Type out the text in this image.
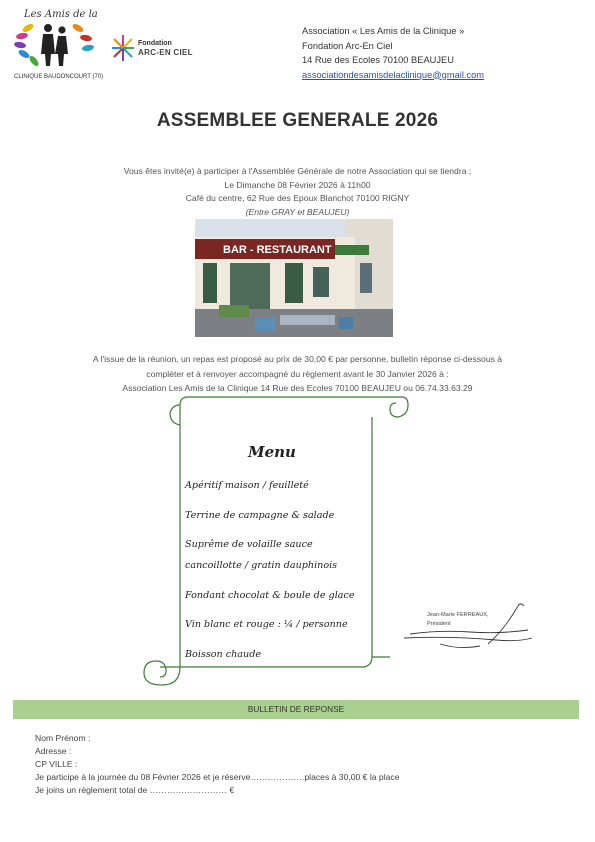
Les Amis de la
CLINIQUE BAUDONCOURT (70)
Fondation
ARC-EN CIEL
Association « Les Amis de la Clinique »
Fondation Arc-En Ciel
14 Rue des Ecoles 70100 BEAUJEU
associationdesamisdelaclinique@gmail.com
ASSEMBLEE GENERALE 2026
Vous êtes invité(e) à participer à l'Assemblée Générale de notre Association qui se tiendra ;
Le Dimanche 08 Février 2026 à 11h00
Café du centre, 62 Rue des Epoux Blanchot 70100 RIGNY
(Entre GRAY et BEAUJEU)
BAR - RESTAURANT
A l'issue de la réunion, un repas est proposé au prix de 30,00 € par personne, bulletin réponse ci-dessous à
compléter et à renvoyer accompagné du règlement avant le 30 Janvier 2026 à :
Association Les Amis de la Clinique 14 Rue des Ecoles 70100 BEAUJEU ou 06.74.33.63.29
Menu
Apéritif maison / feuilleté
Terrine de campagne & salade
Suprême de volaille sauce
cancoillotte / gratin dauphinois
Fondant chocolat & boule de glace
Vin blanc et rouge : ¼ / personne
Boisson chaude
Jean-Marie FERREAUX,
Président
BULLETIN DE REPONSE
Nom Prénom :
Adresse :
CP VILLE :
Je participe à la journée du 08 Février 2026 et je réserve……………….places à 30,00 € la place
Je joins un règlement total de ……………………… €
